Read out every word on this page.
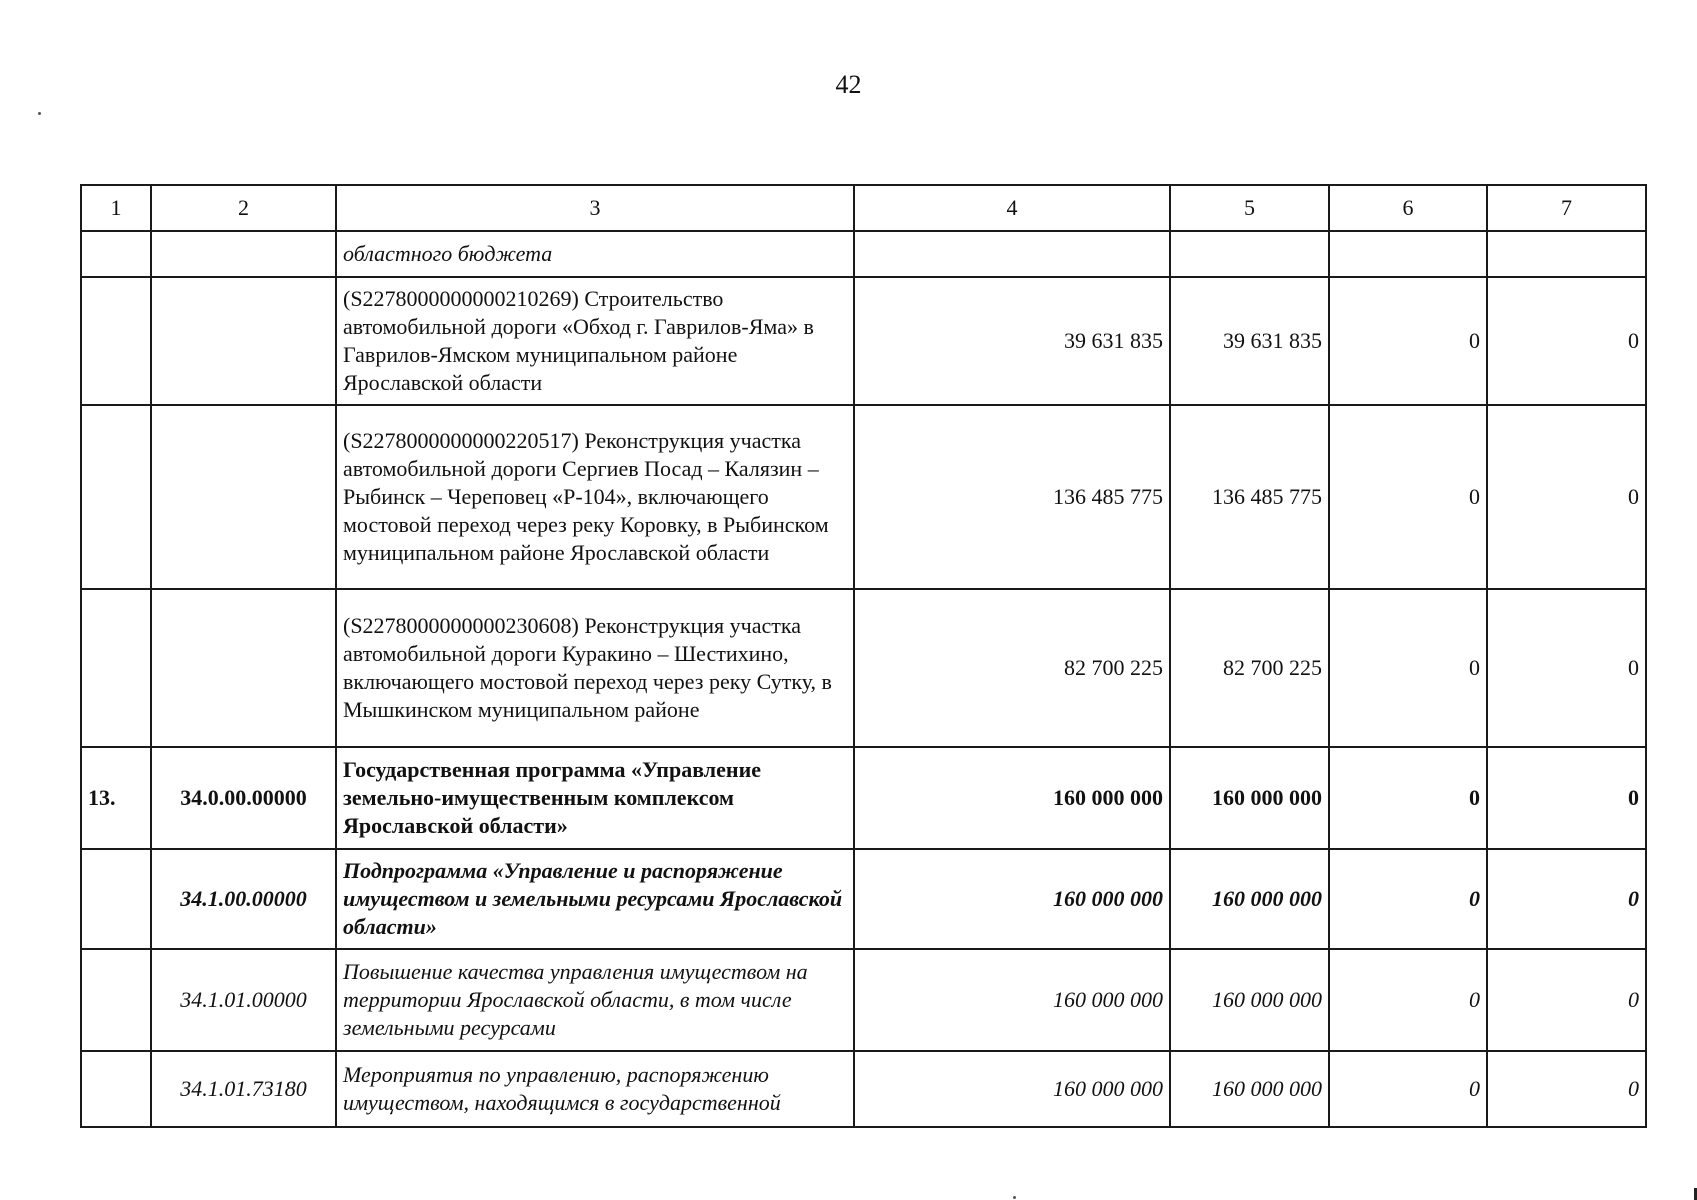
42
1	2	3	4	5	6	7
		областного бюджета				
		(S2278000000000210269) Строительство автомобильной дороги «Обход г. Гаврилов-Яма» в Гаврилов-Ямском муниципальном районе Ярославской области	39 631 835	39 631 835	0	0
		(S2278000000000220517) Реконструкция участка автомобильной дороги Сергиев Посад – Калязин – Рыбинск – Череповец «Р-104», включающего мостовой переход через реку Коровку, в Рыбинском муниципальном районе Ярославской области	136 485 775	136 485 775	0	0
		(S2278000000000230608) Реконструкция участка автомобильной дороги Куракино – Шестихино, включающего мостовой переход через реку Сутку, в Мышкинском муниципальном районе	82 700 225	82 700 225	0	0
13.	34.0.00.00000	Государственная программа «Управление земельно-имущественным комплексом Ярославской области»	160 000 000	160 000 000	0	0
	34.1.00.00000	Подпрограмма «Управление и распоряжение имуществом и земельными ресурсами Ярославской области»	160 000 000	160 000 000	0	0
	34.1.01.00000	Повышение качества управления имуществом на территории Ярославской области, в том числе земельными ресурсами	160 000 000	160 000 000	0	0
	34.1.01.73180	Мероприятия по управлению, распоряжению имуществом, находящимся в государственной	160 000 000	160 000 000	0	0
